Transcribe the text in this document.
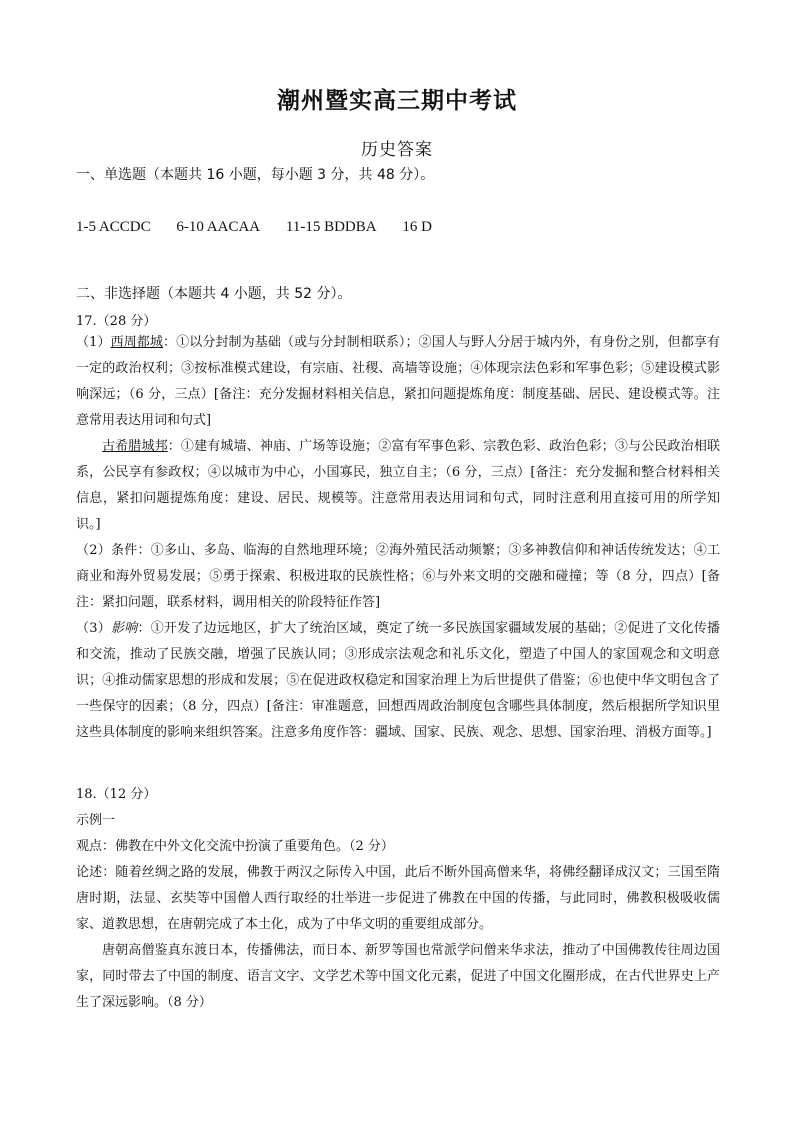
潮州暨实高三期中考试
历史答案
一、单选题（本题共 16 小题，每小题 3 分，共 48 分）。
1-5 ACCDC 6-10 AACAA 11-15 BDDBA 16 D
二、非选择题（本题共 4 小题，共 52 分）。
17.（28 分）

（1）西周都城：①以分封制为基础（或与分封制相联系）；②国人与野人分居于城内外，有身份之别，但都享有一定的政治权利；③按标准模式建设，有宗庙、社稷、高墙等设施；④体现宗法色彩和军事色彩；⑤建设模式影响深远；（6 分，三点）[备注：充分发掘材料相关信息，紧扣问题提炼角度：制度基础、居民、建设模式等。注意常用表达用词和句式]

古希腊城邦：①建有城墙、神庙、广场等设施；②富有军事色彩、宗教色彩、政治色彩；③与公民政治相联系，公民享有参政权；④以城市为中心，小国寡民，独立自主；（6 分，三点）[备注：充分发掘和整合材料相关信息，紧扣问题提炼角度：建设、居民、规模等。注意常用表达用词和句式，同时注意利用直接可用的所学知识。]

（2）条件：①多山、多岛、临海的自然地理环境；②海外殖民活动频繁；③多神教信仰和神话传统发达；④工商业和海外贸易发展；⑤勇于探索、积极进取的民族性格；⑥与外来文明的交融和碰撞；等（8 分，四点）[备注：紧扣问题，联系材料，调用相关的阶段特征作答]

（3）影响：①开发了边远地区，扩大了统治区域，奠定了统一多民族国家疆域发展的基础；②促进了文化传播和交流，推动了民族交融，增强了民族认同；③形成宗法观念和礼乐文化，塑造了中国人的家国观念和文明意识；④推动儒家思想的形成和发展；⑤在促进政权稳定和国家治理上为后世提供了借鉴；⑥也使中华文明包含了一些保守的因素；（8 分，四点）[备注：审准题意，回想西周政治制度包含哪些具体制度，然后根据所学知识里这些具体制度的影响来组织答案。注意多角度作答：疆域、国家、民族、观念、思想、国家治理、消极方面等。]

18.（12 分）

示例一

观点：佛教在中外文化交流中扮演了重要角色。（2 分）

论述：随着丝绸之路的发展，佛教于两汉之际传入中国，此后不断外国高僧来华，将佛经翻译成汉文；三国至隋唐时期，法显、玄奘等中国僧人西行取经的壮举进一步促进了佛教在中国的传播，与此同时，佛教积极吸收儒家、道教思想，在唐朝完成了本土化，成为了中华文明的重要组成部分。

唐朝高僧鉴真东渡日本，传播佛法，而日本、新罗等国也常派学问僧来华求法，推动了中国佛教传往周边国家，同时带去了中国的制度、语言文字、文学艺术等中国文化元素，促进了中国文化圈形成，在古代世界史上产生了深远影响。（8 分）
